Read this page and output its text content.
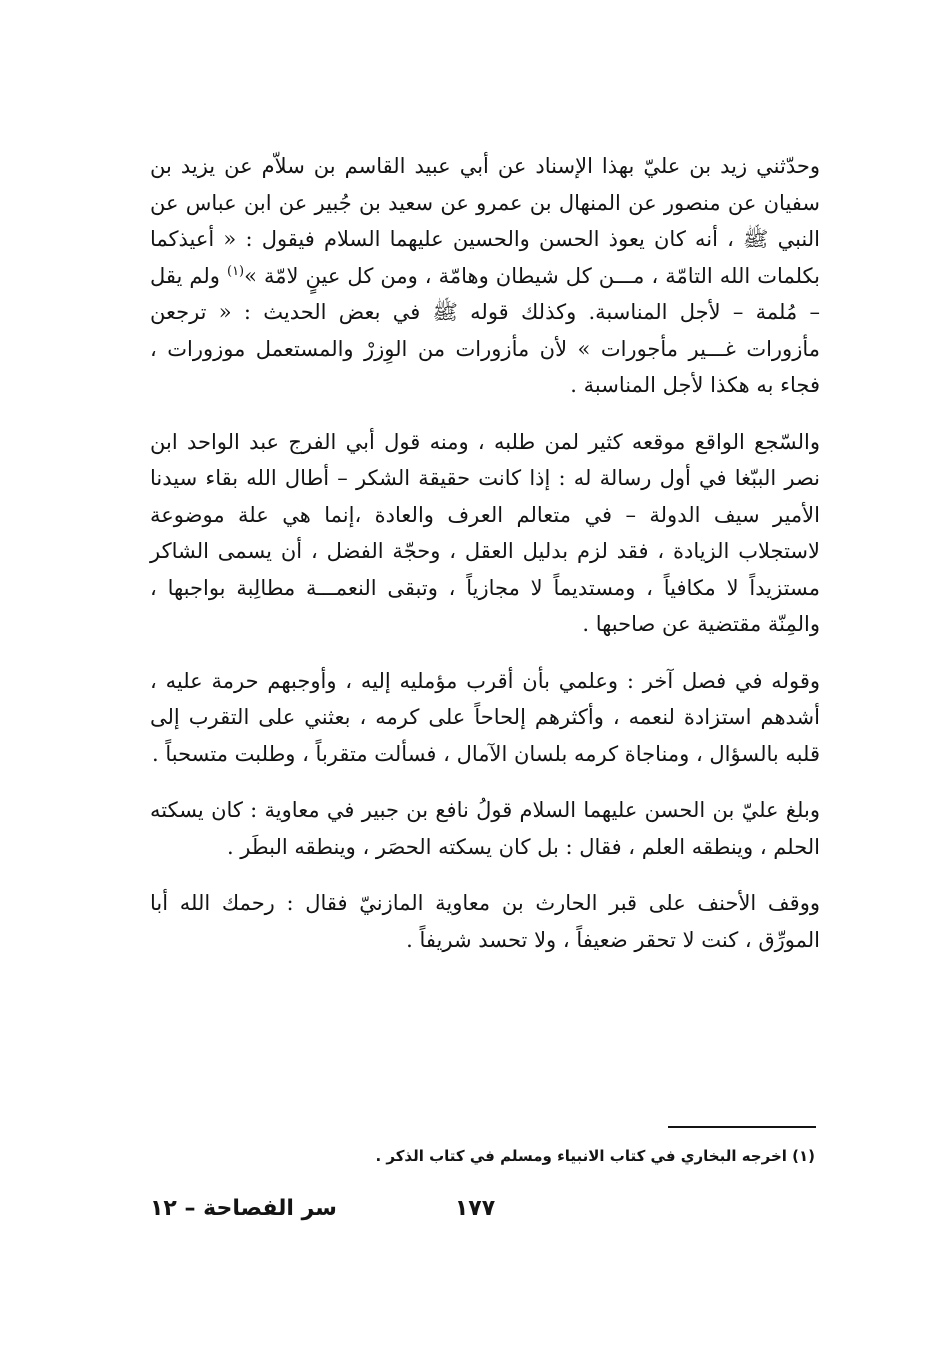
وحدّثني زيد بن عليّ بهذا الإسناد عن أبي عبيد القاسم بن سلاّم عن يزيد بن سفيان عن منصور عن المنهال بن عمرو عن سعيد بن جُبير عن ابن عباس عن النبي ﷺ ، أنه كان يعوذ الحسن والحسين عليهما السلام فيقول : « أعيذكما بكلمات الله التامّة ، مـــن كل شيطان وهامّة ، ومن كل عينٍ لامّة »$^{(١)}$ ولم يقل – مُلمة – لأجل المناسبة. وكذلك قوله ﷺ في بعض الحديث : « ترجعن مأزورات غـــير مأجورات » لأن مأزورات من الوِزرْ والمستعمل موزورات ، فجاء به هكذا لأجل المناسبة .

والسّجع الواقع موقعه كثير لمن طلبه ، ومنه قول أبي الفرج عبد الواحد ابن نصر الببّغا في أول رسالة له : إذا كانت حقيقة الشكر – أطال الله بقاء سيدنا الأمير سيف الدولة – في متعالم العرف والعادة ،إنما هي علة موضوعة لاستجلاب الزيادة ، فقد لزم بدليل العقل ، وحجّة الفضل ، أن يسمى الشاكر مستزيداً لا مكافياً ، ومستديماً لا مجازياً ، وتبقى النعمـــة مطالِبة بواجبها ، والمِنّة مقتضية عن صاحبها .

وقوله في فصل آخر : وعلمي بأن أقرب مؤمليه إليه ، وأوجبهم حرمة عليه ، أشدهم استزادة لنعمه ، وأكثرهم إلحاحاً على كرمه ، بعثني على التقرب إلى قلبه بالسؤال ، ومناجاة كرمه بلسان الآمال ، فسألت متقرباً ، وطلبت متسحباً .

وبلغ عليّ بن الحسن عليهما السلام قولُ نافع بن جبير في معاوية : كان يسكته الحلم ، وينطقه العلم ، فقال : بل كان يسكته الحصَر ، وينطقه البطَر .

ووقف الأحنف على قبر الحارث بن معاوية المازنيّ فقال : رحمك الله أبا المورِّق ، كنت لا تحقر ضعيفاً ، ولا تحسد شريفاً .

(١) اخرجه البخاري في كتاب الانبياء ومسلم في كتاب الذكر .
١٧٧
سر الفصاحة – ١٢
